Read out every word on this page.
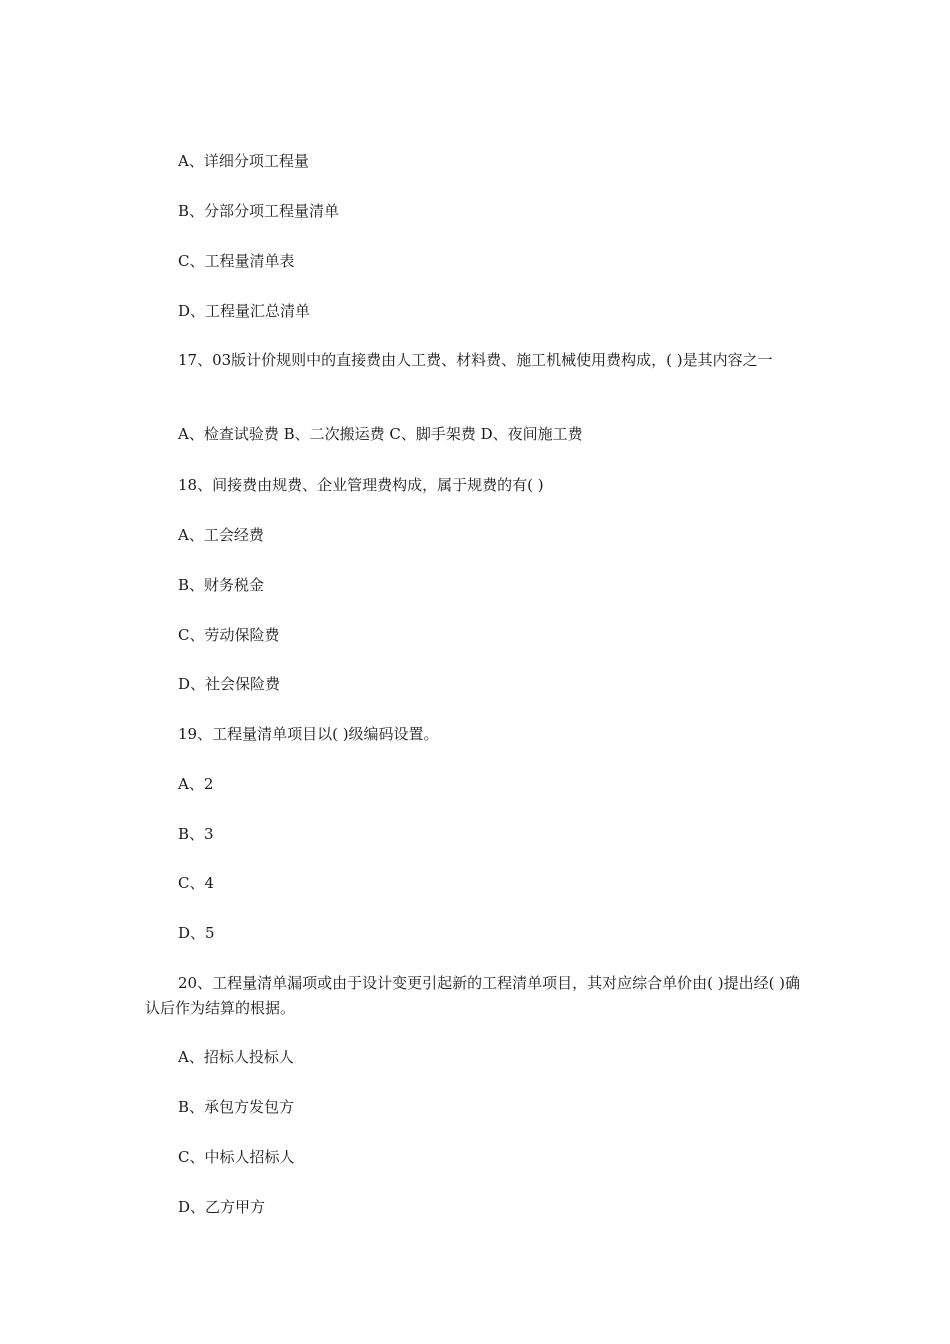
A、详细分项工程量

B、分部分项工程量清单

C、工程量清单表

D、工程量汇总清单

17、03版计价规则中的直接费由人工费、材料费、施工机械使用费构成，( )是其内容之一

A、检查试验费 B、二次搬运费 C、脚手架费 D、夜间施工费

18、间接费由规费、企业管理费构成，属于规费的有( )

A、工会经费

B、财务税金

C、劳动保险费

D、社会保险费

19、工程量清单项目以( )级编码设置。

A、2

B、3

C、4

D、5

20、工程量清单漏项或由于设计变更引起新的工程清单项目，其对应综合单价由( )提出经( )确认后作为结算的根据。

A、招标人投标人

B、承包方发包方

C、中标人招标人

D、乙方甲方
